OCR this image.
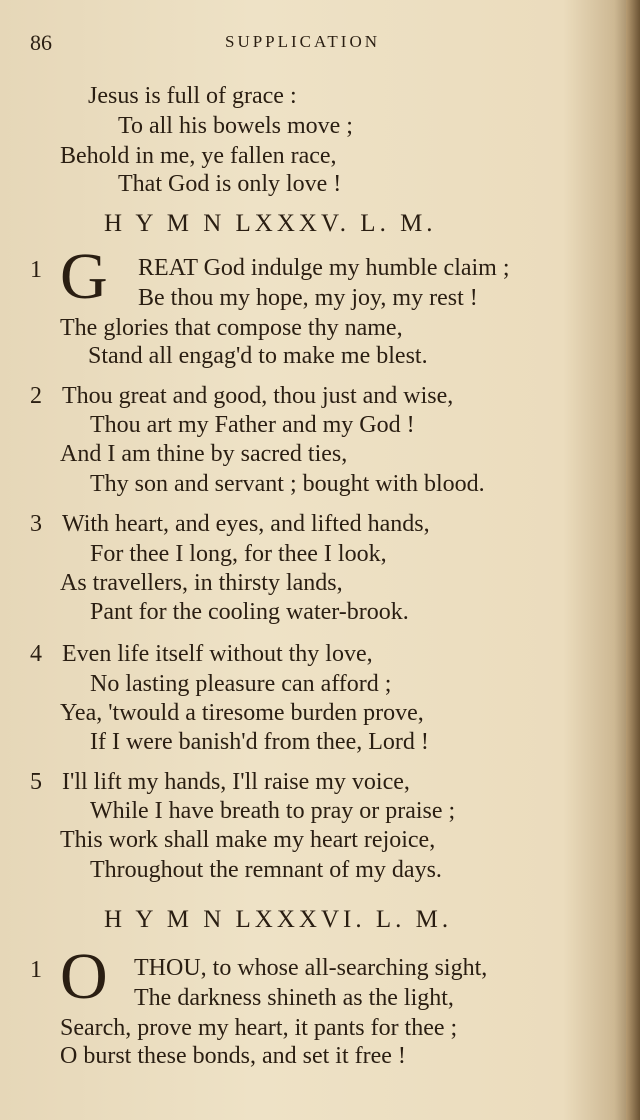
86	SUPPLICATION
Jesus is full of grace :
To all his bowels move ;
Behold in me, ye fallen race,
That God is only love !
H Y M N LXXXV. L. M.
1 G REAT God indulge my humble claim ;
Be thou my hope, my joy, my rest !
The glories that compose thy name,
Stand all engag'd to make me blest.
2 Thou great and good, thou just and wise,
Thou art my Father and my God !
And I am thine by sacred ties,
Thy son and servant ; bought with blood.
3 With heart, and eyes, and lifted hands,
For thee I long, for thee I look,
As travellers, in thirsty lands,
Pant for the cooling water-brook.
4 Even life itself without thy love,
No lasting pleasure can afford ;
Yea, 'twould a tiresome burden prove,
If I were banish'd from thee, Lord !
5 I'll lift my hands, I'll raise my voice,
While I have breath to pray or praise ;
This work shall make my heart rejoice,
Throughout the remnant of my days.
H Y M N LXXXVI. L. M.
1 O THOU, to whose all-searching sight,
The darkness shineth as the light,
Search, prove my heart, it pants for thee ;
O burst these bonds, and set it free !
